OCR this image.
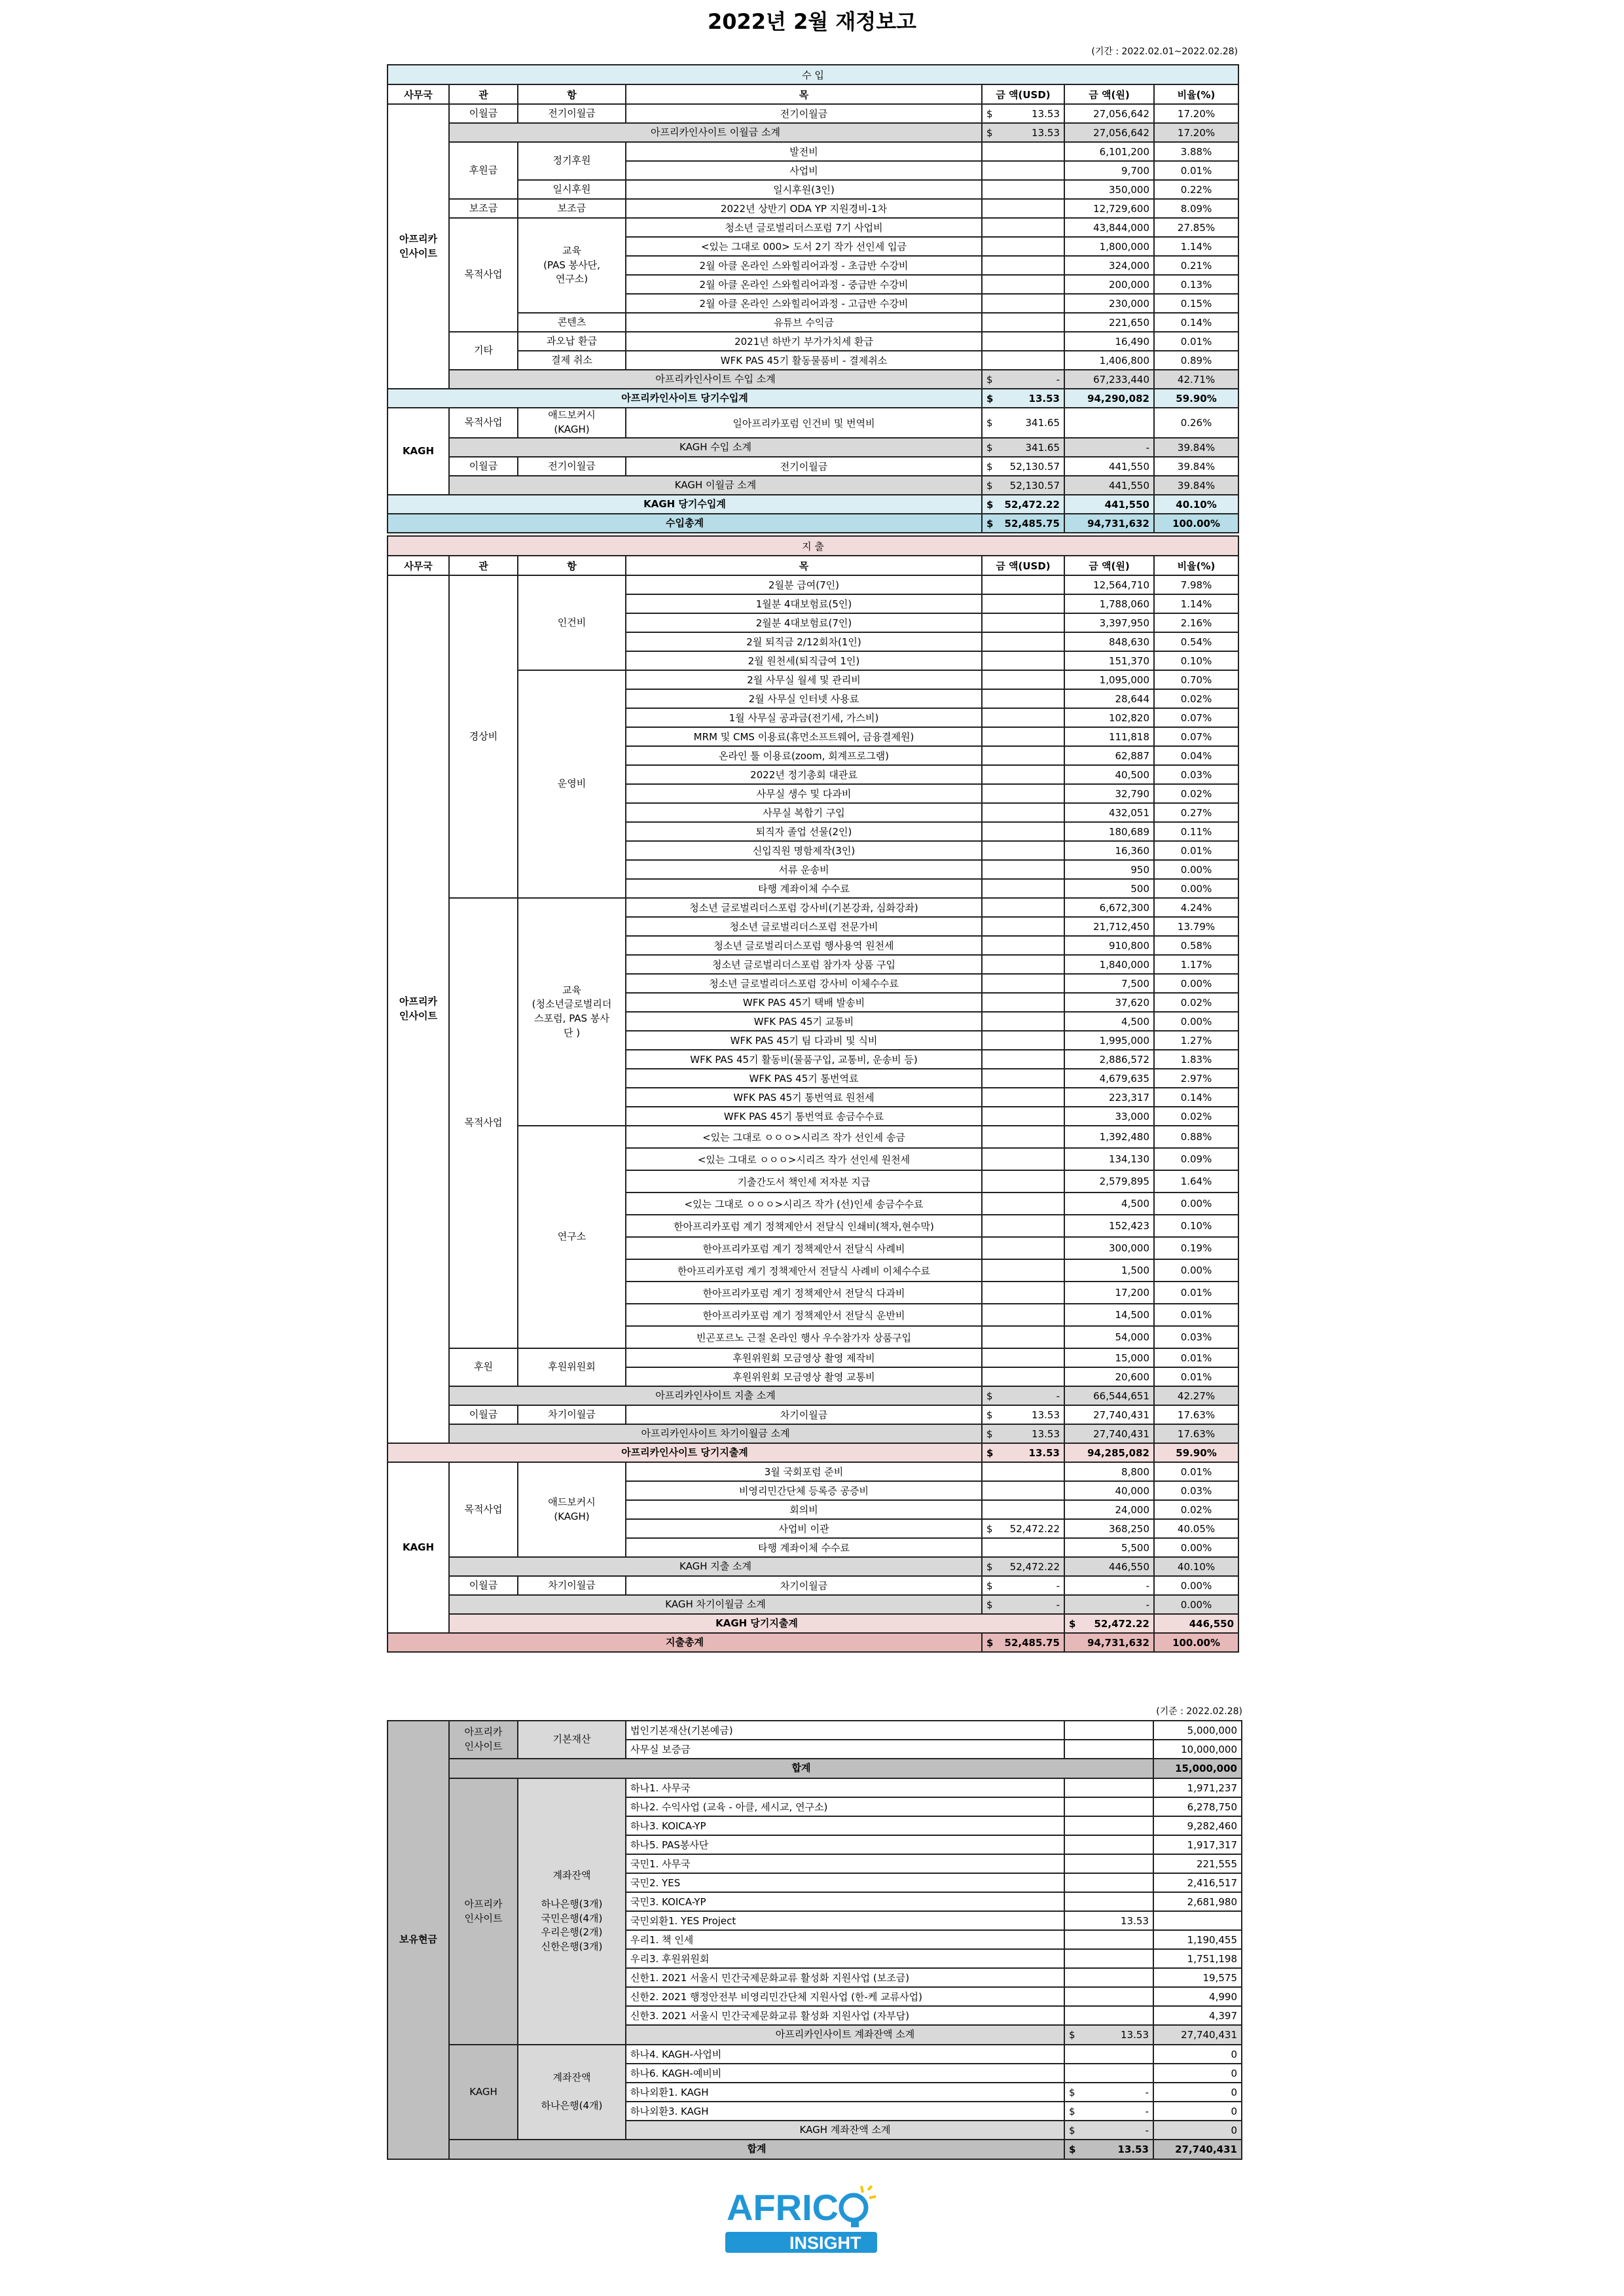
2022년 2월 재정보고
(기간 : 2022.02.01~2022.02.28)
수 입						
사무국	관	항	목	금 액(USD)	금 액(원)	비율(%)
아프리카
인사이트	이월금	전기이월금	전기이월금	$ 13.53	27,056,642	17.20%
	아프리카인사이트 이월금 소계			$ 13.53	27,056,642	17.20%
	후원금	정기후원	발전비		6,101,200	3.88%
			사업비		9,700	0.01%
		일시후원	일시후원(3인)		350,000	0.22%
	보조금	보조금	2022년 상반기 ODA YP 지원경비-1차		12,729,600	8.09%
	목적사업	교육
(PAS 봉사단,
연구소)	청소년 글로벌리더스포럼 7기 사업비		43,844,000	27.85%
			<있는 그대로 000> 도서 2기 작가 선인세 입금		1,800,000	1.14%
			2월 아클 온라인 스와힐리어과정 - 초급반 수강비		324,000	0.21%
			2월 아클 온라인 스와힐리어과정 - 중급반 수강비		200,000	0.13%
			2월 아클 온라인 스와힐리어과정 - 고급반 수강비		230,000	0.15%
		콘텐츠	유튜브 수익금		221,650	0.14%
	기타	과오납 환급	2021년 하반기 부가가치세 환급		16,490	0.01%
		결제 취소	WFK PAS 45기 활동물품비 - 결제취소		1,406,800	0.89%
	아프리카인사이트 수입 소계			$ -	67,233,440	42.71%
아프리카인사이트 당기수입계				$ 13.53	94,290,082	59.90%
KAGH	목적사업	애드보커시
(KAGH)	일아프리카포럼 인건비 및 번역비	$ 341.65		0.26%
	KAGH 수입 소계			$ 341.65	-	39.84%
	이월금	전기이월금	전기이월금	$ 52,130.57	441,550	39.84%
	KAGH 이월금 소계			$ 52,130.57	441,550	39.84%
KAGH 당기수입계				$ 52,472.22	441,550	40.10%
수입총계				$ 52,485.75	94,731,632	100.00%
지 출							
사무국	관	항	목	금 액(USD)	금 액(원)	비율(%)	
아프리카
인사이트	경상비	인건비	2월분 급여(7인)		12,564,710	7.98%	
			1월분 4대보험료(5인)		1,788,060	1.14%	
			2월분 4대보험료(7인)		3,397,950	2.16%	
			2월 퇴직금 2/12회차(1인)		848,630	0.54%	
			2월 원천세(퇴직급여 1인)		151,370	0.10%	
		운영비	2월 사무실 월세 및 관리비		1,095,000	0.70%	
			2월 사무실 인터넷 사용료		28,644	0.02%	
			1월 사무실 공과금(전기세, 가스비)		102,820	0.07%	
			MRM 및 CMS 이용료(휴먼소프트웨어, 금융결제원)		111,818	0.07%	
			온라인 툴 이용료(zoom, 회계프로그램)		62,887	0.04%	
			2022년 정기총회 대관료		40,500	0.03%	
			사무실 생수 및 다과비		32,790	0.02%	
			사무실 복합기 구입		432,051	0.27%	
			퇴직자 졸업 선물(2인)		180,689	0.11%	
			신입직원 명함제작(3인)		16,360	0.01%	
			서류 운송비		950	0.00%	
			타행 계좌이체 수수료		500	0.00%	
	목적사업	교육
(청소년글로벌리더
스포럼, PAS 봉사
단 )	청소년 글로벌리더스포럼 강사비(기본강좌, 심화강좌)		6,672,300	4.24%	
			청소년 글로벌리더스포럼 전문가비		21,712,450	13.79%	
			청소년 글로벌리더스포럼 행사용역 원천세		910,800	0.58%	
			청소년 글로벌리더스포럼 참가자 상품 구입		1,840,000	1.17%	
			청소년 글로벌리더스포럼 강사비 이체수수료		7,500	0.00%	
			WFK PAS 45기 택배 발송비		37,620	0.02%	
			WFK PAS 45기 교통비		4,500	0.00%	
			WFK PAS 45기 팀 다과비 및 식비		1,995,000	1.27%	
			WFK PAS 45기 활동비(물품구입, 교통비, 운송비 등)		2,886,572	1.83%	
			WFK PAS 45기 통번역료		4,679,635	2.97%	
			WFK PAS 45기 통번역료 원천세		223,317	0.14%	
			WFK PAS 45기 통번역료 송금수수료		33,000	0.02%	
		연구소	<있는 그대로 ㅇㅇㅇ>시리즈 작가 선인세 송금		1,392,480	0.88%	
			<있는 그대로 ㅇㅇㅇ>시리즈 작가 선인세 원천세		134,130	0.09%	
			기출간도서 책인세 저자분 지급		2,579,895	1.64%	
			<있는 그대로 ㅇㅇㅇ>시리즈 작가 (선)인세 송금수수료		4,500	0.00%	
			한아프리카포럼 계기 정책제안서 전달식 인쇄비(책자,현수막)		152,423	0.10%	
			한아프리카포럼 계기 정책제안서 전달식 사례비		300,000	0.19%	
			한아프리카포럼 계기 정책제안서 전달식 사례비 이체수수료		1,500	0.00%	
			한아프리카포럼 계기 정책제안서 전달식 다과비		17,200	0.01%	
			한아프리카포럼 계기 정책제안서 전달식 운반비		14,500	0.01%	
			빈곤포르노 근절 온라인 행사 우수참가자 상품구입		54,000	0.03%	
	후원	후원위원회	후원위원회 모금영상 촬영 제작비		15,000	0.01%	
			후원위원회 모금영상 촬영 교통비		20,600	0.01%	
	아프리카인사이트 지출 소계			$ -	66,544,651	42.27%	
	이월금	차기이월금	차기이월금	$ 13.53	27,740,431	17.63%	
	아프리카인사이트 차기이월금 소계			$ 13.53	27,740,431	17.63%	
아프리카인사이트 당기지출계				$ 13.53	94,285,082	59.90%	
KAGH	목적사업	애드보커시
(KAGH)	3월 국회포럼 준비		8,800	0.01%	
			비영리민간단체 등록증 공증비		40,000	0.03%	
			회의비		24,000	0.02%	
			사업비 이관	$ 52,472.22	368,250	40.05%	
			타행 계좌이체 수수료		5,500	0.00%	
	KAGH 지출 소계			$ 52,472.22	446,550	40.10%	
	이월금	차기이월금	차기이월금	$ -	-	0.00%	
	KAGH 차기이월금 소계			$ -	-	0.00%	
	KAGH 당기지출계				$ 52,472.22	446,550	
지출총계				$ 52,485.75	94,731,632	100.00%	
(기준 : 2022.02.28)
보유현금	아프리카
인사이트	기본재산	법인기본재산(기본예금)		5,000,000
			사무실 보증금		10,000,000
	합계				15,000,000
	아프리카
인사이트	계좌잔액

하나은행(3개)
국민은행(4개)
우리은행(2개)
신한은행(3개)	하나1. 사무국		1,971,237
			하나2. 수익사업 (교육 - 아클, 세시교, 연구소)		6,278,750
			하나3. KOICA-YP		9,282,460
			하나5. PAS봉사단		1,917,317
			국민1. 사무국		221,555
			국민2. YES		2,416,517
			국민3. KOICA-YP		2,681,980
			국민외환1. YES Project	13.53	
			우리1. 책 인세		1,190,455
			우리3. 후원위원회		1,751,198
			신한1. 2021 서울시 민간국제문화교류 활성화 지원사업 (보조금)		19,575
			신한2. 2021 행정안전부 비영리민간단체 지원사업 (한-케 교류사업)		4,990
			신한3. 2021 서울시 민간국제문화교류 활성화 지원사업 (자부담)		4,397
			아프리카인사이트 계좌잔액 소계	$ 13.53	27,740,431
	KAGH	계좌잔액

하나은행(4개)	하나4. KAGH-사업비		0
			하나6. KAGH-예비비		0
			하나외환1. KAGH	$ -	0
			하나외환3. KAGH	$ -	0
			KAGH 계좌잔액 소계	$ -	0
	합계			$ 13.53	27,740,431
AFRIC
INSIGHT
